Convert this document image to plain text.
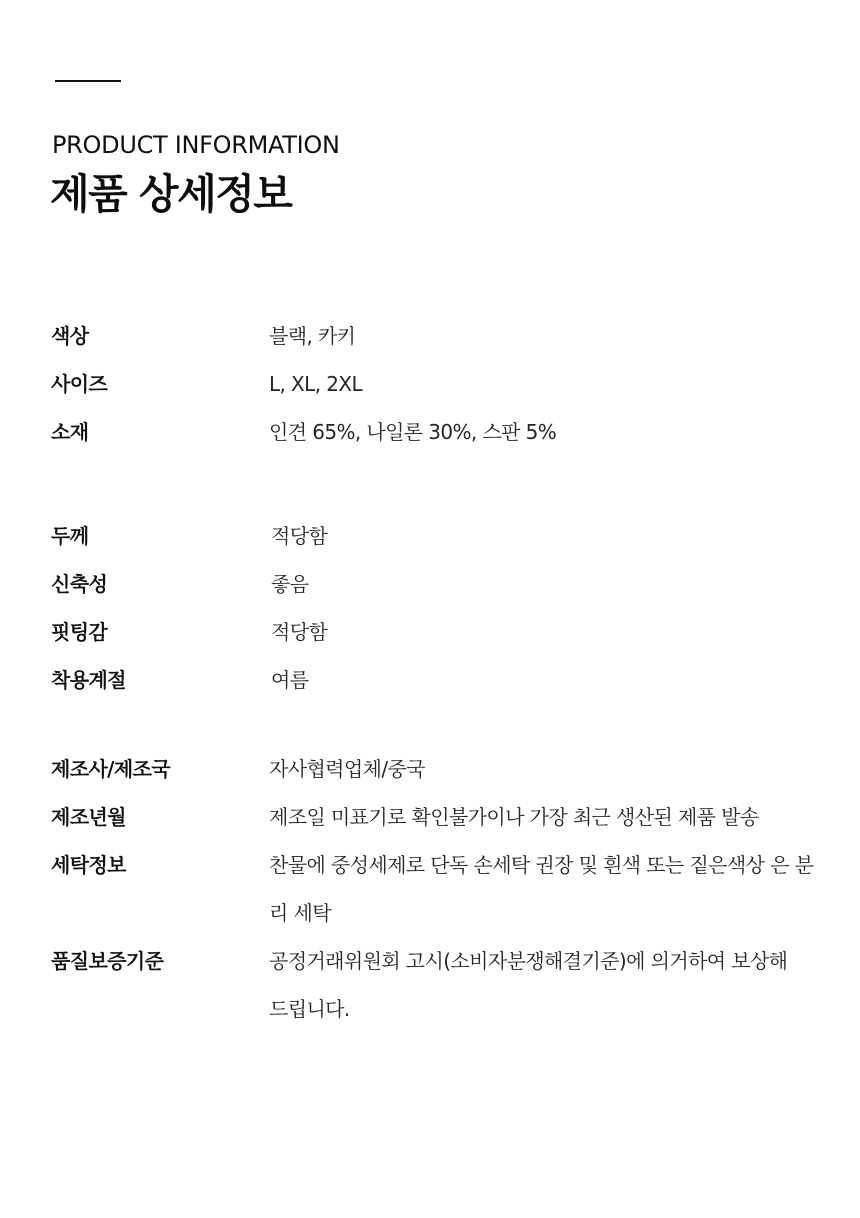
PRODUCT INFORMATION
제품 상세정보
색상	블랙, 카키
사이즈	L, XL, 2XL
소재	인견 65%, 나일론 30%, 스판 5%
두께	적당함
신축성	좋음
핏팅감	적당함
착용계절	여름
제조사/제조국	자사협력업체/중국
제조년월	제조일 미표기로 확인불가이나 가장 최근 생산된 제품 발송
세탁정보	찬물에 중성세제로 단독 손세탁 권장 및 흰색 또는 짙은색상 은 분리 세탁
품질보증기준	공정거래위원회 고시(소비자분쟁해결기준)에 의거하여 보상해 드립니다.
